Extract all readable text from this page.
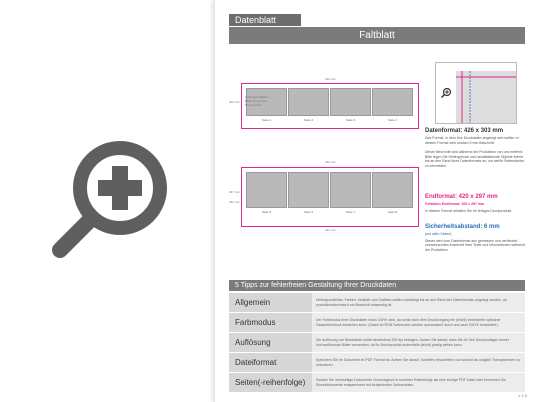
Datenblatt
Faltblatt
426 mm
Seite 1	Seite 2	Seite 3	Seite 4
Hintergrundfarbe / Bilder bis an den Rand ziehen
420 mm
Seite 5	Seite 6	Seite 7	Seite 8
414 mm
303 mm
297 mm
291 mm

Datenformat: 426 x 303 mm

Das Format, in dem Ihre Druckdaten angelegt sein sollten. In diesem Format wird rundum 3 mm Beschnitt.

Dieser Beschnitt wird während der Produktion von uns entfernt. Bitte legen Sie Hintergründe und randabfallende Objekte immer bis an den Rand Ihres Datenformats an, um weiße Seitenränder zu vermeiden.

Endformat: 420 x 297 mm

Gefalzten Endformat: 105 x 297 mm

In diesem Format erhalten Sie Ihr fertiges Druckprodukt.

Sicherheitsabstand: 6 mm

(auf allen Seiten)

Dieser wird vom Datenformat aus gemessen und verhindert unerwünschten Anschnitt Ihrer Texte und Informationen während der Produktion.

5 Tipps zur fehlerfreien Gestaltung Ihrer Druckdaten
Allgemein	Hintergrundbilder, Farben, Verläufe und Grafiken sollten unbedingt bis an den Rand des Datenformats angelegt werden, da produktionstechnisch ein Beschnitt notwendig ist.
Farbmodus	Der Farbmodus Ihrer Druckdaten muss CMYK sein, da sonst nach dem Druckvorgang ein (leicht) veränderter optischer Gesamteindruck entstehen kann. (Daten im RGB Farbmodus werden automatisch durch uns nach CMYK konvertiert.)
Auflösung	Die Auflösung von Bilddateien sollte mindestens 300 dpi betragen. Achten Sie darauf, dass Sie für Ihre Druckvorlagen immer hochauflösende Bilder verwenden, da Ihr Druckprodukt andernfalls (leicht) pixelig wirken kann.
Dateiformat	Speichern Sie Ihr Dokument im PDF-Format ab. Achten Sie darauf, Schriften einzubetten und sowohl als möglich Transparenzen zu reduzieren.
Seiten(-reihenfolge)	Senden Sie mehrseitige Dokumente chronologisch in korrekter Reihenfolge als eine einzige PDF-Datei oder benennen Sie Einzeldokumente entsprechend mit fortlaufenden Seitenzahlen.
v 1.0
